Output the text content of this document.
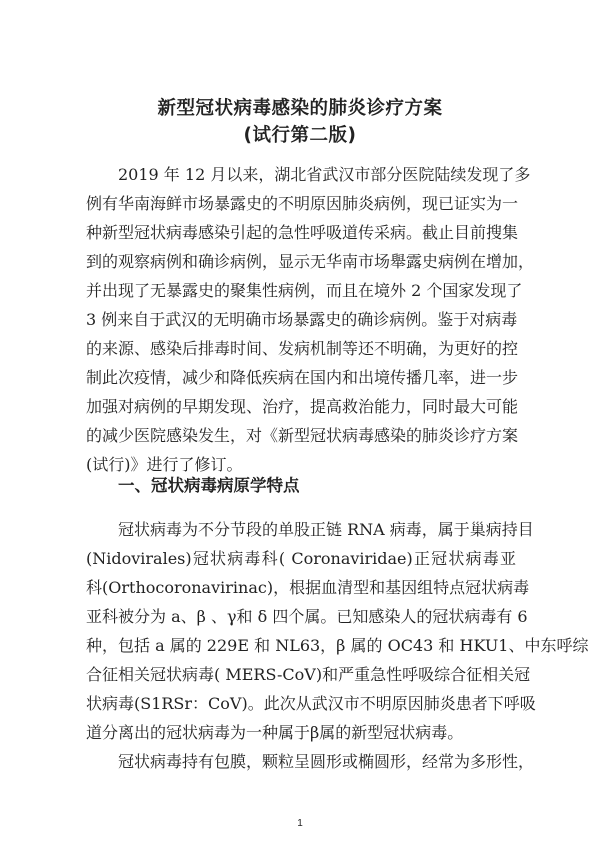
新型冠状病毒感染的肺炎诊疗方案
(试行第二版)
2019 年 12 月以来，湖北省武汉市部分医院陆续发现了多
例有华南海鲜市场暴露史的不明原因肺炎病例，现已证实为一
种新型冠状病毒感染引起的急性呼吸道传采病。截止目前搜集
到的观察病例和确诊病例，显示无华南市场舉露史病例在增加，
并出现了无暴露史的聚集性病例，而且在境外 2 个国家发现了
3 例来自于武汉的无明确市场暴露史的确诊病例。鉴于对病毒
的来源、感染后排毒时间、发病机制等还不明确，为更好的控
制此次疫情，减少和降低疾病在国内和出境传播几率，进一步
加强对病例的早期发现、治疗，提高救治能力，同时最大可能
的减少医院感染发生，对《新型冠状病毒感染的肺炎诊疗方案
(试行)》进行了修订。
一、冠状病毒病原学特点
冠状病毒为不分节段的单股正链 RNA 病毒，属于巢病持目
(Nidovirales)冠状病毒科( Coronaviridae)正冠状病毒亚
科(Orthocoronavirinac)，根据血清型和基因组特点冠状病毒
亚科被分为 a、β 、γ和 δ 四个属。已知感染人的冠状病毒有 6
种，包括 a 属的 229E 和 NL63，β 属的 OC43 和 HKU1、中东呼综
合征相关冠状病毒( MERS-CoV)和严重急性呼吸综合征相关冠
状病毒(S1RSr：CoV)。此次从武汉市不明原因肺炎患者下呼吸
道分离出的冠状病毒为一种属于β属的新型冠状病毒。
冠状病毒持有包膜，颗粒呈圆形或椭圆形，经常为多形性，
1
